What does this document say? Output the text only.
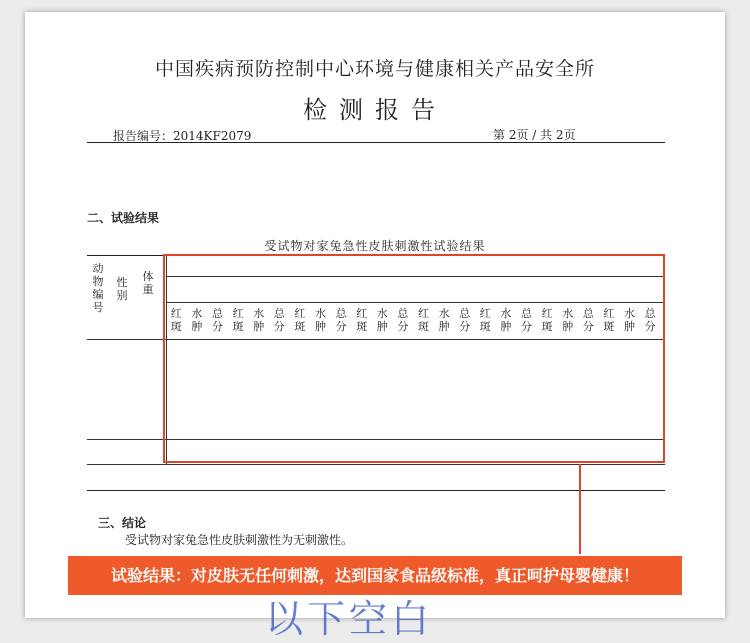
中国疾病预防控制中心环境与健康相关产品安全所
检测报告
报告编号：2014KF2079	第 2页 / 共 2页
二、试验结果
受试物对家兔急性皮肤刺激性试验结果
动
物
编
号
性
别
体
重
红
斑
水
肿
总
分
红
斑
水
肿
总
分
红
斑
水
肿
总
分
红
斑
水
肿
总
分
红
斑
水
肿
总
分
红
斑
水
肿
总
分
红
斑
水
肿
总
分
红
斑
水
肿
总
分
三、结论
受试物对家兔急性皮肤刺激性为无刺激性。
以下空白
试验结果：对皮肤无任何刺激，达到国家食品级标准，真正呵护母婴健康！
